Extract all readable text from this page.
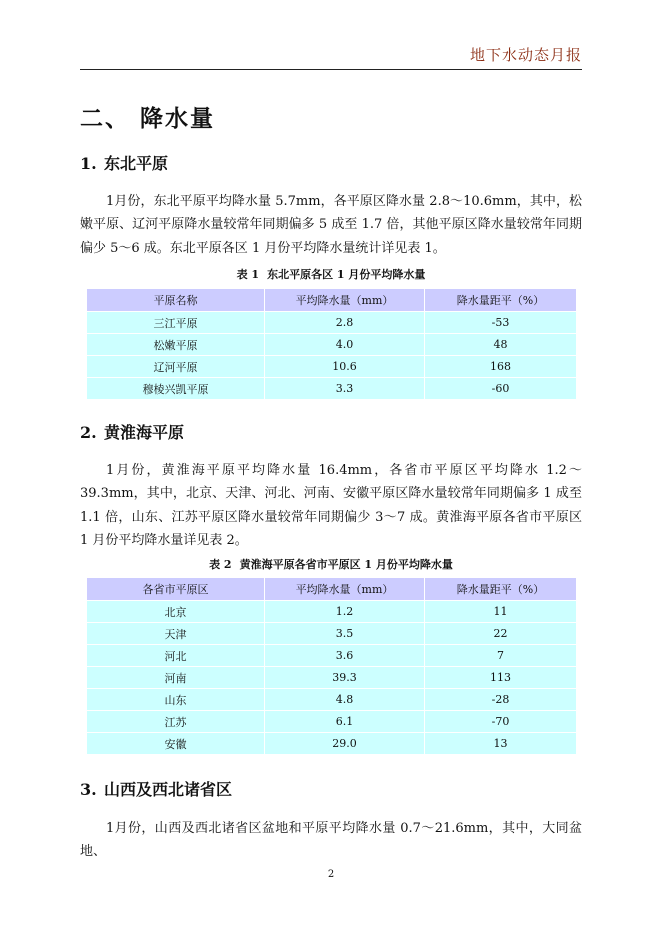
地下水动态月报
二、 降水量
1. 东北平原
1月份，东北平原平均降水量 5.7mm，各平原区降水量 2.8～10.6mm，其中，松嫩平原、辽河平原降水量较常年同期偏多 5 成至 1.7 倍，其他平原区降水量较常年同期偏少 5～6 成。东北平原各区 1 月份平均降水量统计详见表 1。
表 1 东北平原各区 1 月份平均降水量
平原名称	平均降水量（mm）	降水量距平（%）
三江平原	2.8	-53
松嫩平原	4.0	48
辽河平原	10.6	168
穆棱兴凯平原	3.3	-60
2. 黄淮海平原
1月份，黄淮海平原平均降水量 16.4mm，各省市平原区平均降水 1.2～39.3mm，其中，北京、天津、河北、河南、安徽平原区降水量较常年同期偏多 1 成至 1.1 倍，山东、江苏平原区降水量较常年同期偏少 3～7 成。黄淮海平原各省市平原区 1 月份平均降水量详见表 2。
表 2 黄淮海平原各省市平原区 1 月份平均降水量
各省市平原区	平均降水量（mm）	降水量距平（%）
北京	1.2	11
天津	3.5	22
河北	3.6	7
河南	39.3	113
山东	4.8	-28
江苏	6.1	-70
安徽	29.0	13
3. 山西及西北诸省区
1月份，山西及西北诸省区盆地和平原平均降水量 0.7～21.6mm，其中，大同盆地、
2
